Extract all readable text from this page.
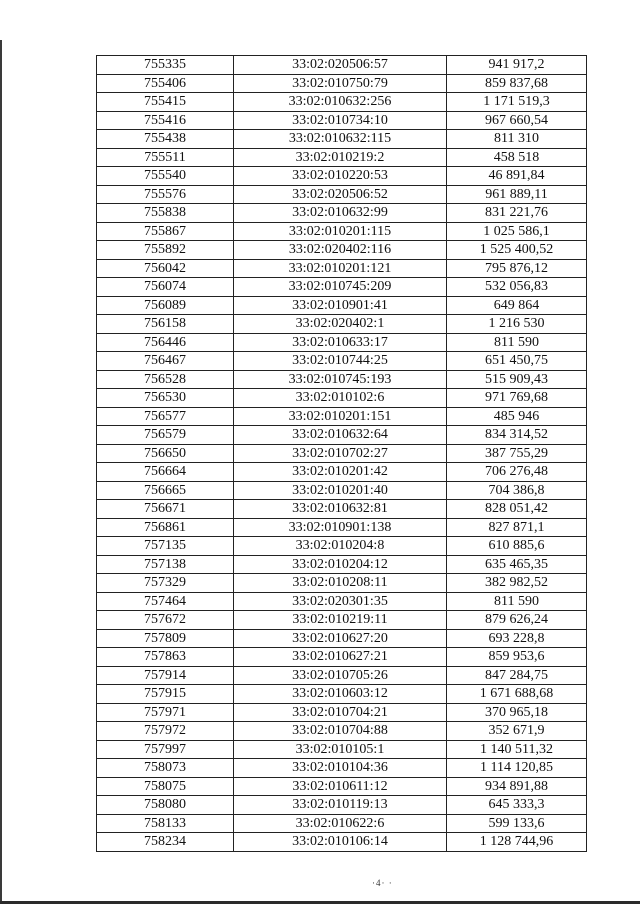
755335	33:02:020506:57	941 917,2
755406	33:02:010750:79	859 837,68
755415	33:02:010632:256	1 171 519,3
755416	33:02:010734:10	967 660,54
755438	33:02:010632:115	811 310
755511	33:02:010219:2	458 518
755540	33:02:010220:53	46 891,84
755576	33:02:020506:52	961 889,11
755838	33:02:010632:99	831 221,76
755867	33:02:010201:115	1 025 586,1
755892	33:02:020402:116	1 525 400,52
756042	33:02:010201:121	795 876,12
756074	33:02:010745:209	532 056,83
756089	33:02:010901:41	649 864
756158	33:02:020402:1	1 216 530
756446	33:02:010633:17	811 590
756467	33:02:010744:25	651 450,75
756528	33:02:010745:193	515 909,43
756530	33:02:010102:6	971 769,68
756577	33:02:010201:151	485 946
756579	33:02:010632:64	834 314,52
756650	33:02:010702:27	387 755,29
756664	33:02:010201:42	706 276,48
756665	33:02:010201:40	704 386,8
756671	33:02:010632:81	828 051,42
756861	33:02:010901:138	827 871,1
757135	33:02:010204:8	610 885,6
757138	33:02:010204:12	635 465,35
757329	33:02:010208:11	382 982,52
757464	33:02:020301:35	811 590
757672	33:02:010219:11	879 626,24
757809	33:02:010627:20	693 228,8
757863	33:02:010627:21	859 953,6
757914	33:02:010705:26	847 284,75
757915	33:02:010603:12	1 671 688,68
757971	33:02:010704:21	370 965,18
757972	33:02:010704:88	352 671,9
757997	33:02:010105:1	1 140 511,32
758073	33:02:010104:36	1 114 120,85
758075	33:02:010611:12	934 891,88
758080	33:02:010119:13	645 333,3
758133	33:02:010622:6	599 133,6
758234	33:02:010106:14	1 128 744,96
·4· ·
